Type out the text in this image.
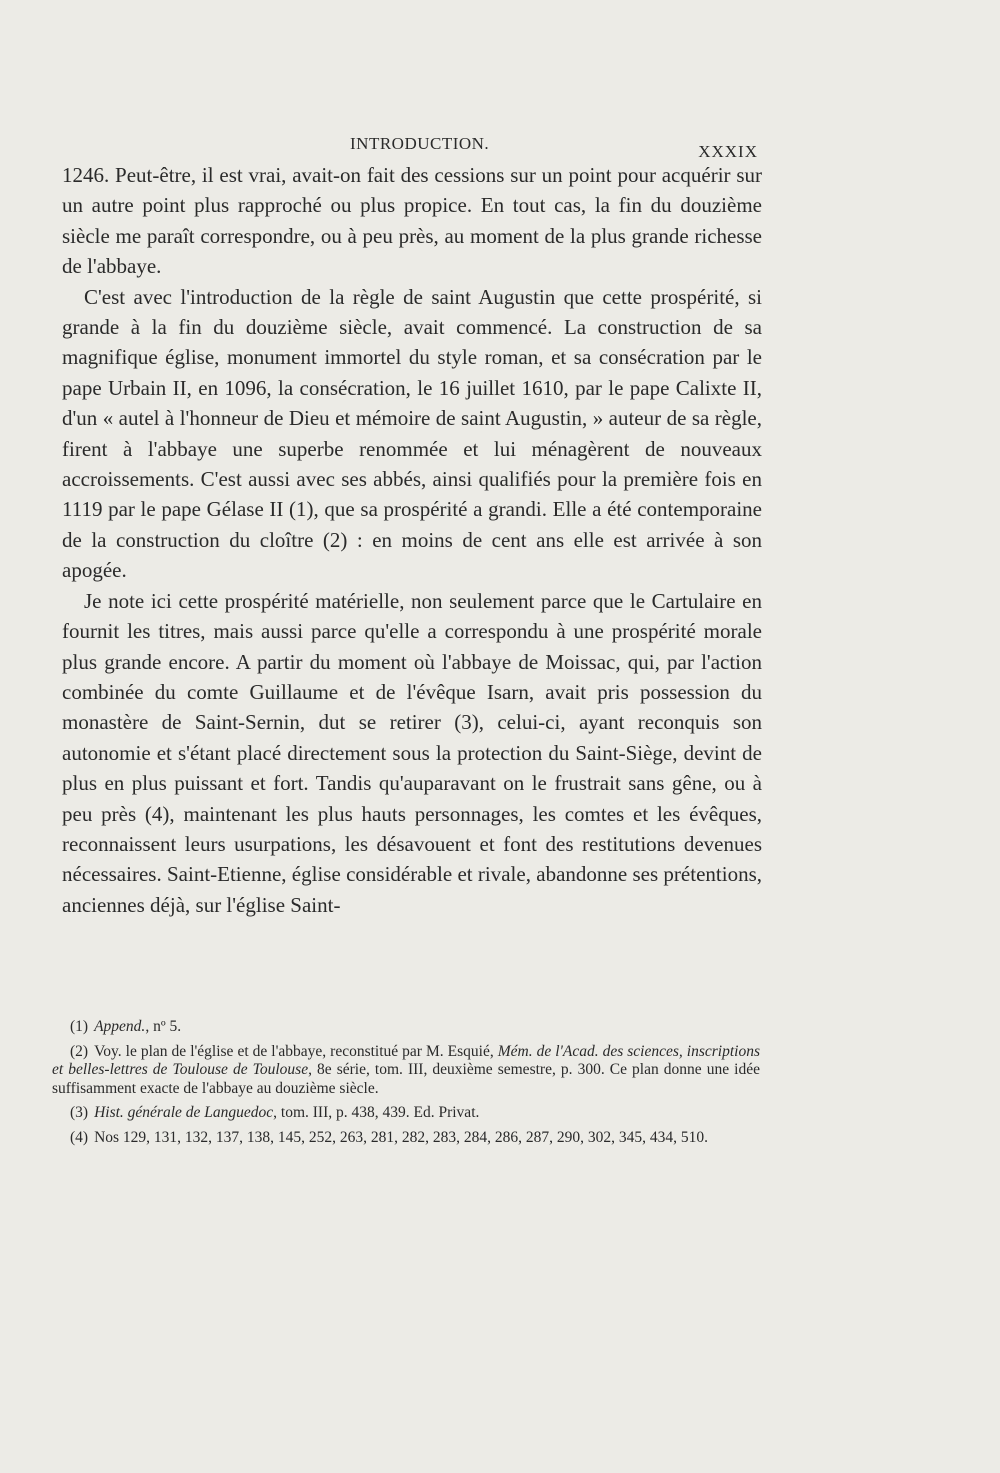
INTRODUCTION.	XXXIX

1246. Peut-être, il est vrai, avait-on fait des cessions sur un point pour acquérir sur un autre point plus rapproché ou plus propice. En tout cas, la fin du douzième siècle me paraît correspondre, ou à peu près, au moment de la plus grande richesse de l'abbaye.

C'est avec l'introduction de la règle de saint Augustin que cette prospérité, si grande à la fin du douzième siècle, avait commencé. La construction de sa magnifique église, monument immortel du style roman, et sa consécration par le pape Urbain II, en 1096, la consécration, le 16 juillet 1610, par le pape Calixte II, d'un « autel à l'honneur de Dieu et mémoire de saint Augustin, » auteur de sa règle, firent à l'abbaye une superbe renommée et lui ménagèrent de nouveaux accroissements. C'est aussi avec ses abbés, ainsi qualifiés pour la première fois en 1119 par le pape Gélase II (1), que sa prospérité a grandi. Elle a été contemporaine de la construction du cloître (2) : en moins de cent ans elle est arrivée à son apogée.

Je note ici cette prospérité matérielle, non seulement parce que le Cartulaire en fournit les titres, mais aussi parce qu'elle a correspondu à une prospérité morale plus grande encore. A partir du moment où l'abbaye de Moissac, qui, par l'action combinée du comte Guillaume et de l'évêque Isarn, avait pris possession du monastère de Saint-Sernin, dut se retirer (3), celui-ci, ayant reconquis son autonomie et s'étant placé directement sous la protection du Saint-Siège, devint de plus en plus puissant et fort. Tandis qu'auparavant on le frustrait sans gêne, ou à peu près (4), maintenant les plus hauts personnages, les comtes et les évêques, reconnaissent leurs usurpations, les désavouent et font des restitutions devenues nécessaires. Saint-Etienne, église considérable et rivale, abandonne ses prétentions, anciennes déjà, sur l'église Saint-

(1) Append., nº 5.
(2) Voy. le plan de l'église et de l'abbaye, reconstitué par M. Esquié, Mém. de l'Acad. des sciences, inscriptions et belles-lettres de Toulouse de Toulouse, 8e série, tom. III, deuxième semestre, p. 300. Ce plan donne une idée suffisamment exacte de l'abbaye au douzième siècle.
(3) Hist. générale de Languedoc, tom. III, p. 438, 439. Ed. Privat.
(4) Nos 129, 131, 132, 137, 138, 145, 252, 263, 281, 282, 283, 284, 286, 287, 290, 302, 345, 434, 510.
